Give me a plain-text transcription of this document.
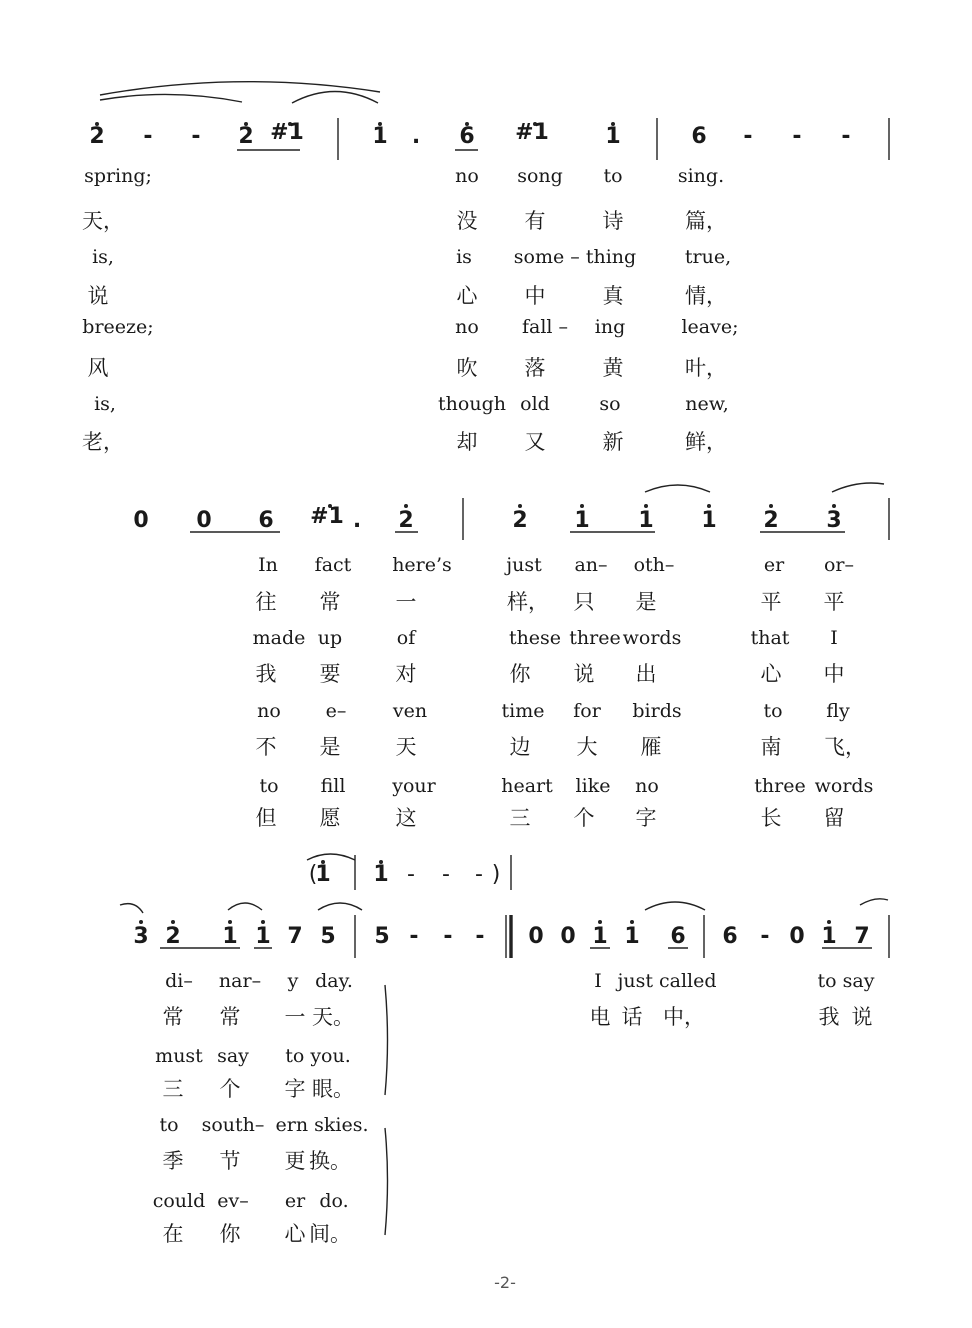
2 - - 2 #1	1 . 6 #1	1	6 - - -
spring;	no song to	sing.
天，	没 有	诗	篇，
is,	is some – thing	true,
说	心 中	真	情，
breeze;	no fall – ing	leave;
风	吹 落	黄	叶，
is,	though old	so	new,
老，	却 又	新	鲜，
0 0 6 #1 . 2	2 1 1 1 2 3
In fact here’s	just an– oth–	er or–
往 常	一	样， 只 是	平 平
made up	of	these three words	that I
我 要	对	你 说 出	心 中
no e– ven	time for birds	to fly
不 是	天	边 大 雁	南 飞，
to fill your	heart like no	three words
但 愿	这	三 个 字	长 留
(
1 1 - - - )
3 2 1 1 7 5 5 - - - 0 0 1 1 6 6 - 0 1 7
di– nar– y day.
常 常 一 天。
must say to you.
三 个 字 眼。
to south– ern skies.
季 节 更 换。
could ev– er do.
在 你 心 间。
I just called	to say
电 话 中，	我 说
-2-
